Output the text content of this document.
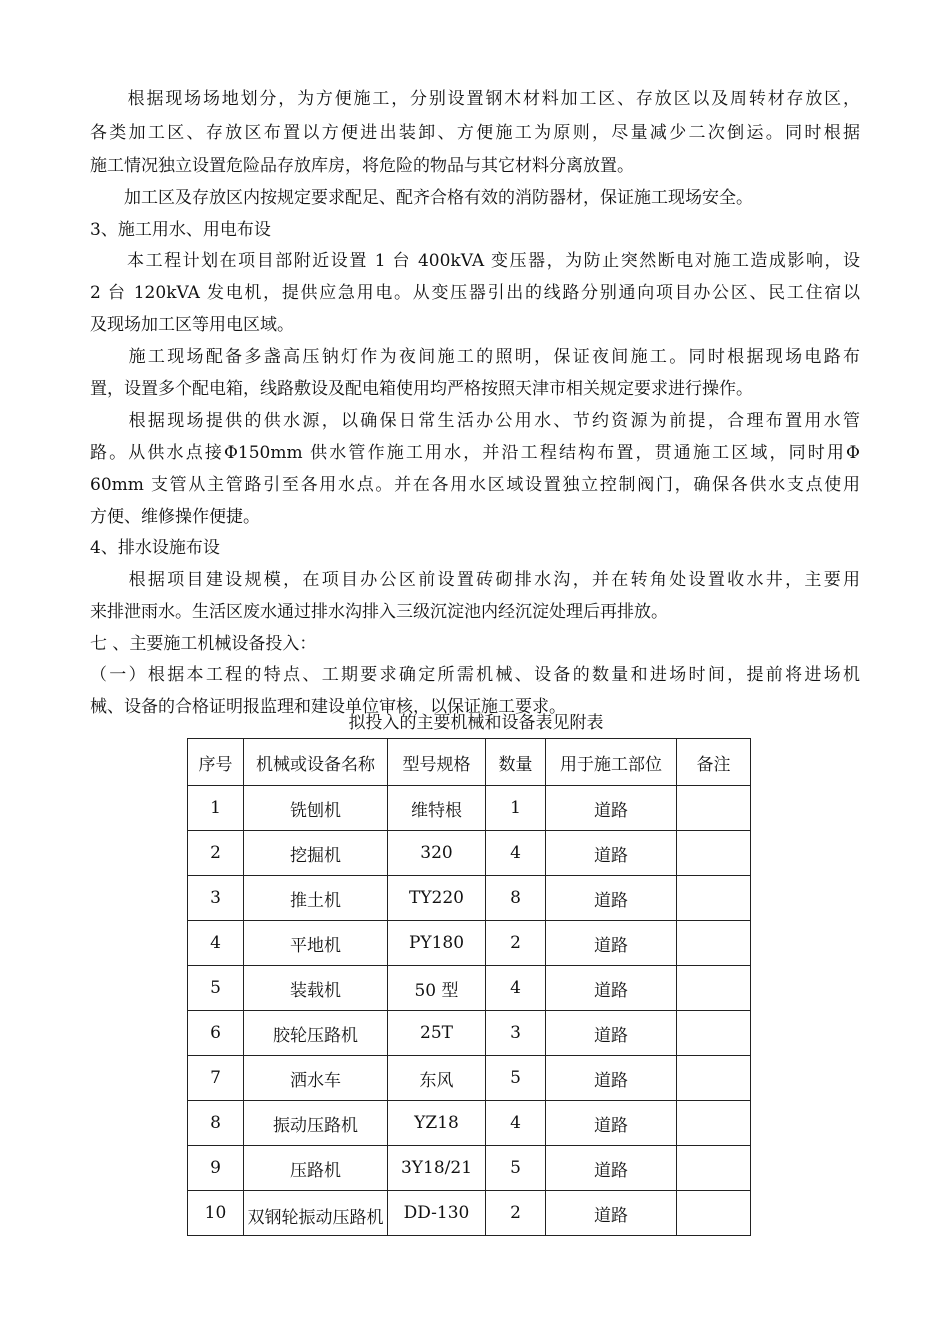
　　根据现场场地划分，为方便施工，分别设置钢木材料加工区、存放区以及周转材存放区，
各类加工区、存放区布置以方便进出装卸、方便施工为原则，尽量减少二次倒运。同时根据
施工情况独立设置危险品存放库房，将危险的物品与其它材料分离放置。
　　加工区及存放区内按规定要求配足、配齐合格有效的消防器材，保证施工现场安全。
3、施工用水、用电布设
　　本工程计划在项目部附近设置 1 台 400kVA 变压器，为防止突然断电对施工造成影响，设
2 台 120kVA 发电机，提供应急用电。从变压器引出的线路分别通向项目办公区、民工住宿以
及现场加工区等用电区域。
　　施工现场配备多盏高压钠灯作为夜间施工的照明，保证夜间施工。同时根据现场电路布
置，设置多个配电箱，线路敷设及配电箱使用均严格按照天津市相关规定要求进行操作。
　　根据现场提供的供水源，以确保日常生活办公用水、节约资源为前提，合理布置用水管
路。从供水点接Φ150mm 供水管作施工用水，并沿工程结构布置，贯通施工区域，同时用Φ
60mm 支管从主管路引至各用水点。并在各用水区域设置独立控制阀门，确保各供水支点使用
方便、维修操作便捷。
4、排水设施布设
　　根据项目建设规模，在项目办公区前设置砖砌排水沟，并在转角处设置收水井，主要用
来排泄雨水。生活区废水通过排水沟排入三级沉淀池内经沉淀处理后再排放。
七 、主要施工机械设备投入：
（一）根据本工程的特点、工期要求确定所需机械、设备的数量和进场时间，提前将进场机
械、设备的合格证明报监理和建设单位审核，以保证施工要求。
拟投入的主要机械和设备表见附表
序号	机械或设备名称	型号规格	数量	用于施工部位	备注
1	铣刨机	维特根	1	道路	
2	挖掘机	320	4	道路	
3	推土机	TY220	8	道路	
4	平地机	PY180	2	道路	
5	装载机	50 型	4	道路	
6	胶轮压路机	25T	3	道路	
7	洒水车	东风	5	道路	
8	振动压路机	YZ18	4	道路	
9	压路机	3Y18/21	5	道路	
10	双钢轮振动压路机	DD-130	2	道路	
